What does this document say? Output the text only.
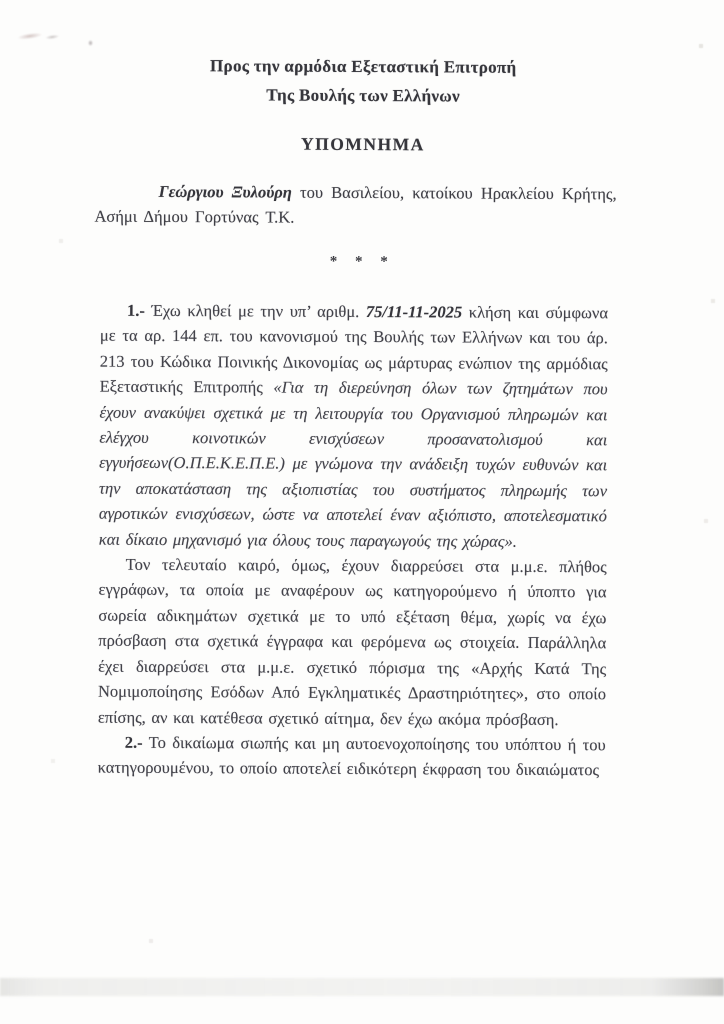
Προς την αρμόδια Εξεταστική Επιτροπή
Της Βουλής των Ελλήνων
ΥΠΟΜΝΗΜΑ

Γεώργιου Ξυλούρη του Βασιλείου, κατοίκου Ηρακλείου Κρήτης, Ασήμι Δήμου Γορτύνας Τ.Κ.

* * *

1.- Έχω κληθεί με την υπ’ αριθμ. 75/11-11-2025 κλήση και σύμφωνα με τα αρ. 144 επ. του κανονισμού της Βουλής των Ελλήνων και του άρ. 213 του Κώδικα Ποινικής Δικονομίας ως μάρτυρας ενώπιον της αρμόδιας Εξεταστικής Επιτροπής «Για τη διερεύνηση όλων των ζητημάτων που έχουν ανακύψει σχετικά με τη λειτουργία του Οργανισμού πληρωμών και ελέγχου κοινοτικών ενισχύσεων προσανατολισμού και εγγυήσεων(Ο.Π.Ε.Κ.Ε.Π.Ε.) με γνώμονα την ανάδειξη τυχών ευθυνών και την αποκατάσταση της αξιοπιστίας του συστήματος πληρωμής των αγροτικών ενισχύσεων, ώστε να αποτελεί έναν αξιόπιστο, αποτελεσματικό και δίκαιο μηχανισμό για όλους τους παραγωγούς της χώρας».

Τον τελευταίο καιρό, όμως, έχουν διαρρεύσει στα μ.μ.ε. πλήθος εγγράφων, τα οποία με αναφέρουν ως κατηγορούμενο ή ύποπτο για σωρεία αδικημάτων σχετικά με το υπό εξέταση θέμα, χωρίς να έχω πρόσβαση στα σχετικά έγγραφα και φερόμενα ως στοιχεία. Παράλληλα έχει διαρρεύσει στα μ.μ.ε. σχετικό πόρισμα της «Αρχής Κατά Της Νομιμοποίησης Εσόδων Από Εγκληματικές Δραστηριότητες», στο οποίο επίσης, αν και κατέθεσα σχετικό αίτημα, δεν έχω ακόμα πρόσβαση.

2.- Το δικαίωμα σιωπής και μη αυτοενοχοποίησης του υπόπτου ή του κατηγορουμένου, το οποίο αποτελεί ειδικότερη έκφραση του δικαιώματος
